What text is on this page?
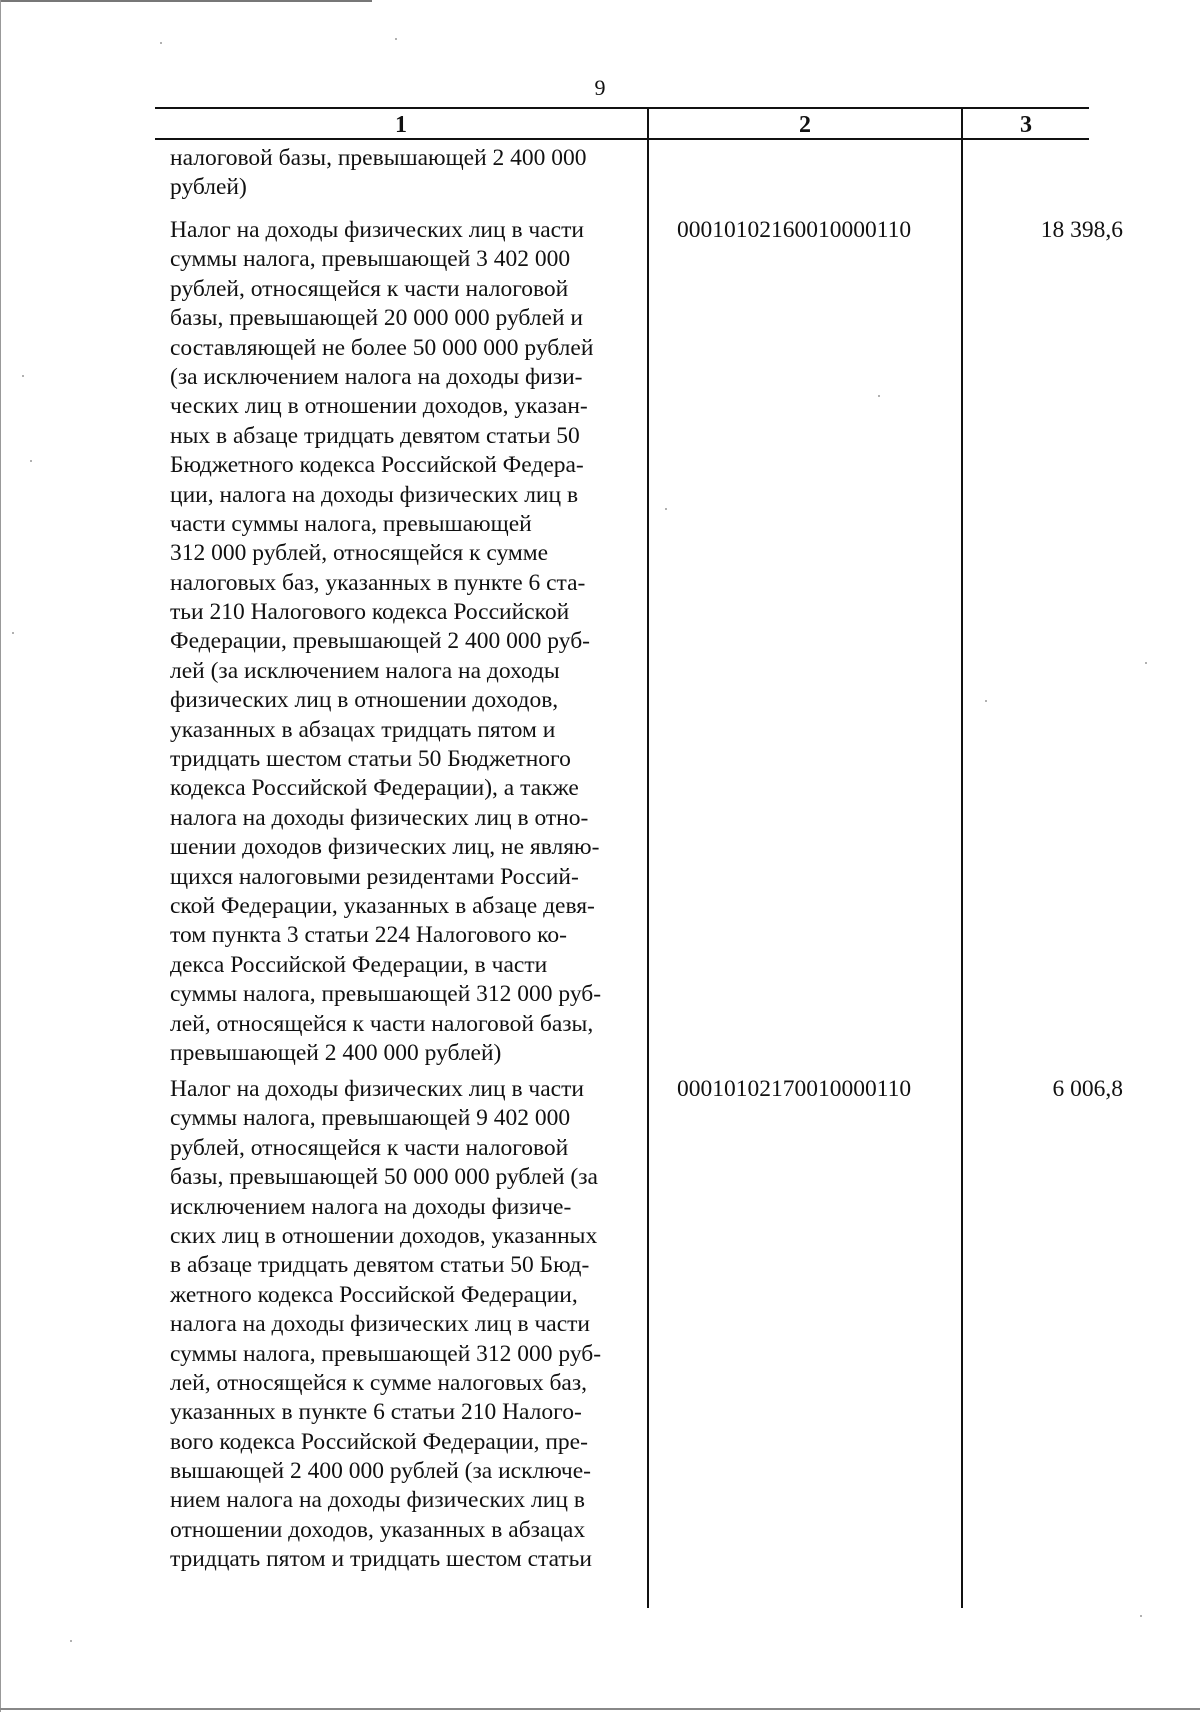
9
1	2	3
налоговой базы, превышающей 2 400 000
рублей)
Налог на доходы физических лиц в части
суммы налога, превышающей 3 402 000
рублей, относящейся к части налоговой
базы, превышающей 20 000 000 рублей и
составляющей не более 50 000 000 рублей
(за исключением налога на доходы физи-
ческих лиц в отношении доходов, указан-
ных в абзаце тридцать девятом статьи 50
Бюджетного кодекса Российской Федера-
ции, налога на доходы физических лиц в
части суммы налога, превышающей
312 000 рублей, относящейся к сумме
налоговых баз, указанных в пункте 6 ста-
тьи 210 Налогового кодекса Российской
Федерации, превышающей 2 400 000 руб-
лей (за исключением налога на доходы
физических лиц в отношении доходов,
указанных в абзацах тридцать пятом и
тридцать шестом статьи 50 Бюджетного
кодекса Российской Федерации), а также
налога на доходы физических лиц в отно-
шении доходов физических лиц, не являю-
щихся налоговыми резидентами Россий-
ской Федерации, указанных в абзаце девя-
том пункта 3 статьи 224 Налогового ко-
декса Российской Федерации, в части
суммы налога, превышающей 312 000 руб-
лей, относящейся к части налоговой базы,
превышающей 2 400 000 рублей)
00010102160010000110	18 398,6
Налог на доходы физических лиц в части
суммы налога, превышающей 9 402 000
рублей, относящейся к части налоговой
базы, превышающей 50 000 000 рублей (за
исключением налога на доходы физиче-
ских лиц в отношении доходов, указанных
в абзаце тридцать девятом статьи 50 Бюд-
жетного кодекса Российской Федерации,
налога на доходы физических лиц в части
суммы налога, превышающей 312 000 руб-
лей, относящейся к сумме налоговых баз,
указанных в пункте 6 статьи 210 Налого-
вого кодекса Российской Федерации, пре-
вышающей 2 400 000 рублей (за исключе-
нием налога на доходы физических лиц в
отношении доходов, указанных в абзацах
тридцать пятом и тридцать шестом статьи
00010102170010000110	6 006,8
